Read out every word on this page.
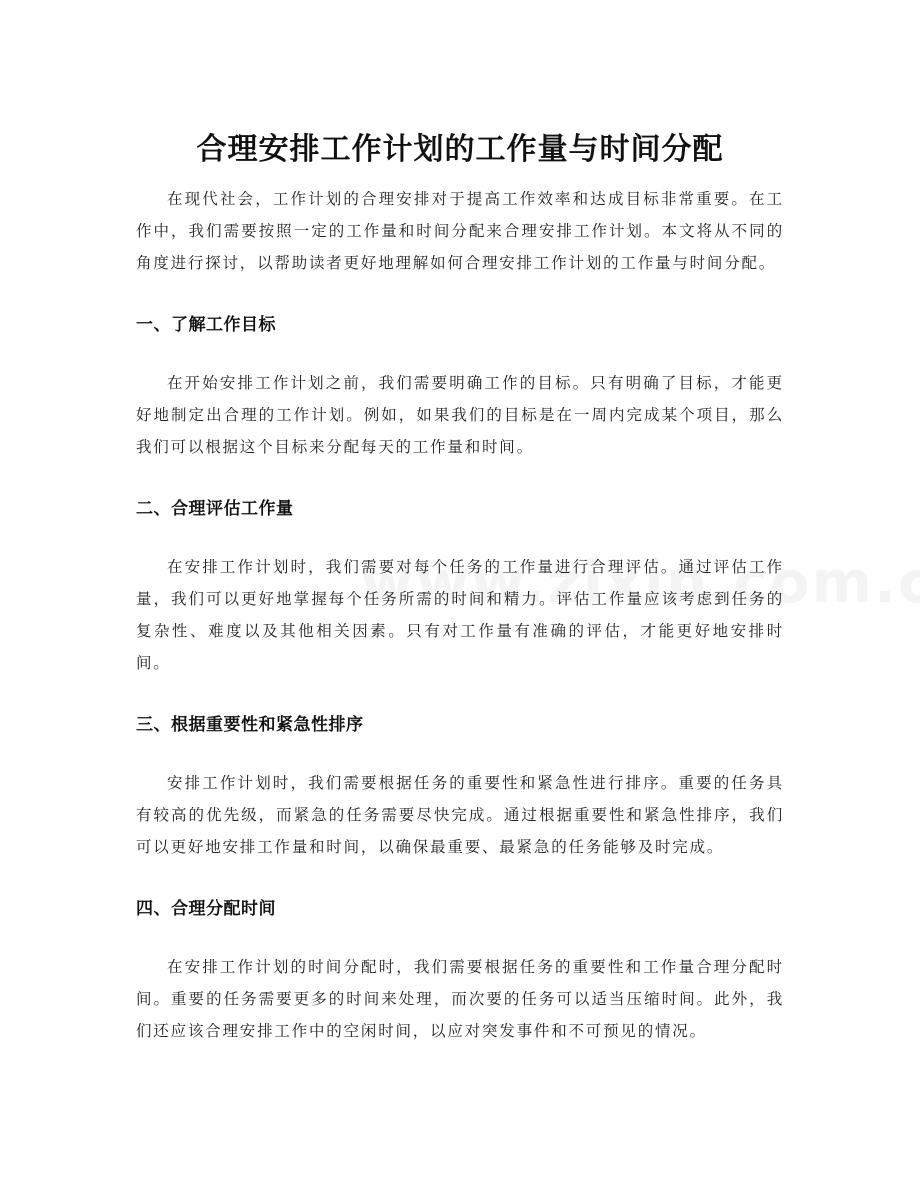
合理安排工作计划的工作量与时间分配

在现代社会，工作计划的合理安排对于提高工作效率和达成目标非常重要。在工作中，我们需要按照一定的工作量和时间分配来合理安排工作计划。本文将从不同的角度进行探讨，以帮助读者更好地理解如何合理安排工作计划的工作量与时间分配。

一、了解工作目标

在开始安排工作计划之前，我们需要明确工作的目标。只有明确了目标，才能更好地制定出合理的工作计划。例如，如果我们的目标是在一周内完成某个项目，那么我们可以根据这个目标来分配每天的工作量和时间。

二、合理评估工作量

在安排工作计划时，我们需要对每个任务的工作量进行合理评估。通过评估工作量，我们可以更好地掌握每个任务所需的时间和精力。评估工作量应该考虑到任务的复杂性、难度以及其他相关因素。只有对工作量有准确的评估，才能更好地安排时间。

三、根据重要性和紧急性排序

安排工作计划时，我们需要根据任务的重要性和紧急性进行排序。重要的任务具有较高的优先级，而紧急的任务需要尽快完成。通过根据重要性和紧急性排序，我们可以更好地安排工作量和时间，以确保最重要、最紧急的任务能够及时完成。

四、合理分配时间

在安排工作计划的时间分配时，我们需要根据任务的重要性和工作量合理分配时间。重要的任务需要更多的时间来处理，而次要的任务可以适当压缩时间。此外，我们还应该合理安排工作中的空闲时间，以应对突发事件和不可预见的情况。
